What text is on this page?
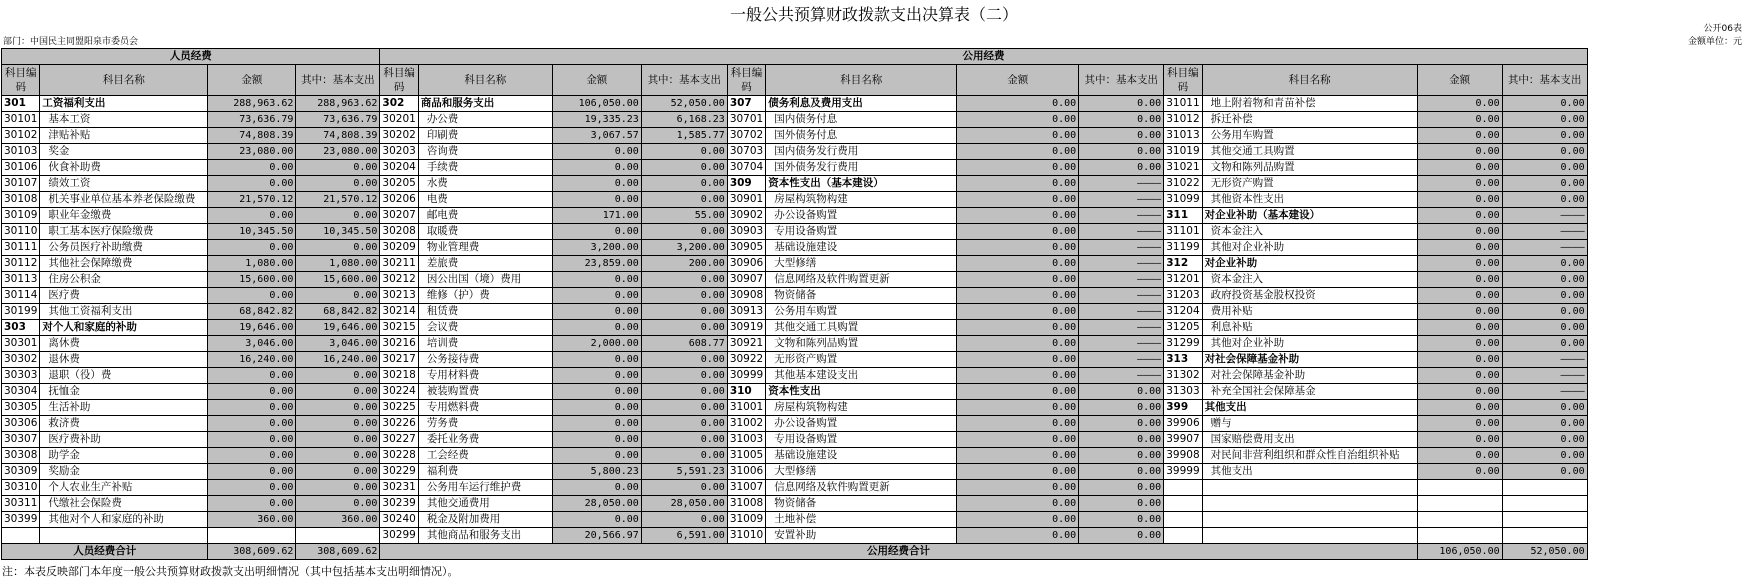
一般公共预算财政拨款支出决算表（二）
公开06表
部门：中国民主同盟阳泉市委员会	金额单位：元
人员经费				公用经费											
科目编码	科目名称	金额	其中：基本支出	科目编码	科目名称	金额	其中：基本支出	科目编码	科目名称	金额	其中：基本支出	科目编码	科目名称	金额	其中：基本支出
301	工资福利支出	288,963.62	288,963.62	302	商品和服务支出	106,050.00	52,050.00	307	债务利息及费用支出	0.00	0.00	31011	地上附着物和青苗补偿	0.00	0.00
30101	基本工资	73,636.79	73,636.79	30201	办公费	19,335.23	6,168.23	30701	国内债务付息	0.00	0.00	31012	拆迁补偿	0.00	0.00
30102	津贴补贴	74,808.39	74,808.39	30202	印刷费	3,067.57	1,585.77	30702	国外债务付息	0.00	0.00	31013	公务用车购置	0.00	0.00
30103	奖金	23,080.00	23,080.00	30203	咨询费	0.00	0.00	30703	国内债务发行费用	0.00	0.00	31019	其他交通工具购置	0.00	0.00
30106	伙食补助费	0.00	0.00	30204	手续费	0.00	0.00	30704	国外债务发行费用	0.00	0.00	31021	文物和陈列品购置	0.00	0.00
30107	绩效工资	0.00	0.00	30205	水费	0.00	0.00	309	资本性支出（基本建设）	0.00	————	31022	无形资产购置	0.00	0.00
30108	机关事业单位基本养老保险缴费	21,570.12	21,570.12	30206	电费	0.00	0.00	30901	房屋构筑物构建	0.00	————	31099	其他资本性支出	0.00	0.00
30109	职业年金缴费	0.00	0.00	30207	邮电费	171.00	55.00	30902	办公设备购置	0.00	————	311	对企业补助（基本建设）	0.00	————
30110	职工基本医疗保险缴费	10,345.50	10,345.50	30208	取暖费	0.00	0.00	30903	专用设备购置	0.00	————	31101	资本金注入	0.00	————
30111	公务员医疗补助缴费	0.00	0.00	30209	物业管理费	3,200.00	3,200.00	30905	基础设施建设	0.00	————	31199	其他对企业补助	0.00	————
30112	其他社会保障缴费	1,080.00	1,080.00	30211	差旅费	23,859.00	200.00	30906	大型修缮	0.00	————	312	对企业补助	0.00	0.00
30113	住房公积金	15,600.00	15,600.00	30212	因公出国（境）费用	0.00	0.00	30907	信息网络及软件购置更新	0.00	————	31201	资本金注入	0.00	0.00
30114	医疗费	0.00	0.00	30213	维修（护）费	0.00	0.00	30908	物资储备	0.00	————	31203	政府投资基金股权投资	0.00	0.00
30199	其他工资福利支出	68,842.82	68,842.82	30214	租赁费	0.00	0.00	30913	公务用车购置	0.00	————	31204	费用补贴	0.00	0.00
303	对个人和家庭的补助	19,646.00	19,646.00	30215	会议费	0.00	0.00	30919	其他交通工具购置	0.00	————	31205	利息补贴	0.00	0.00
30301	离休费	3,046.00	3,046.00	30216	培训费	2,000.00	608.77	30921	文物和陈列品购置	0.00	————	31299	其他对企业补助	0.00	0.00
30302	退休费	16,240.00	16,240.00	30217	公务接待费	0.00	0.00	30922	无形资产购置	0.00	————	313	对社会保障基金补助	0.00	————
30303	退职（役）费	0.00	0.00	30218	专用材料费	0.00	0.00	30999	其他基本建设支出	0.00	————	31302	对社会保障基金补助	0.00	————
30304	抚恤金	0.00	0.00	30224	被装购置费	0.00	0.00	310	资本性支出	0.00	0.00	31303	补充全国社会保障基金	0.00	————
30305	生活补助	0.00	0.00	30225	专用燃料费	0.00	0.00	31001	房屋构筑物构建	0.00	0.00	399	其他支出	0.00	0.00
30306	救济费	0.00	0.00	30226	劳务费	0.00	0.00	31002	办公设备购置	0.00	0.00	39906	赠与	0.00	0.00
30307	医疗费补助	0.00	0.00	30227	委托业务费	0.00	0.00	31003	专用设备购置	0.00	0.00	39907	国家赔偿费用支出	0.00	0.00
30308	助学金	0.00	0.00	30228	工会经费	0.00	0.00	31005	基础设施建设	0.00	0.00	39908	对民间非营利组织和群众性自治组织补贴	0.00	0.00
30309	奖励金	0.00	0.00	30229	福利费	5,800.23	5,591.23	31006	大型修缮	0.00	0.00	39999	其他支出	0.00	0.00
30310	个人农业生产补贴	0.00	0.00	30231	公务用车运行维护费	0.00	0.00	31007	信息网络及软件购置更新	0.00	0.00				
30311	代缴社会保险费	0.00	0.00	30239	其他交通费用	28,050.00	28,050.00	31008	物资储备	0.00	0.00				
30399	其他对个人和家庭的补助	360.00	360.00	30240	税金及附加费用	0.00	0.00	31009	土地补偿	0.00	0.00				
				30299	其他商品和服务支出	20,566.97	6,591.00	31010	安置补助	0.00	0.00				
人员经费合计		308,609.62	308,609.62	公用经费合计										106,050.00	52,050.00
注：本表反映部门本年度一般公共预算财政拨款支出明细情况（其中包括基本支出明细情况）。
